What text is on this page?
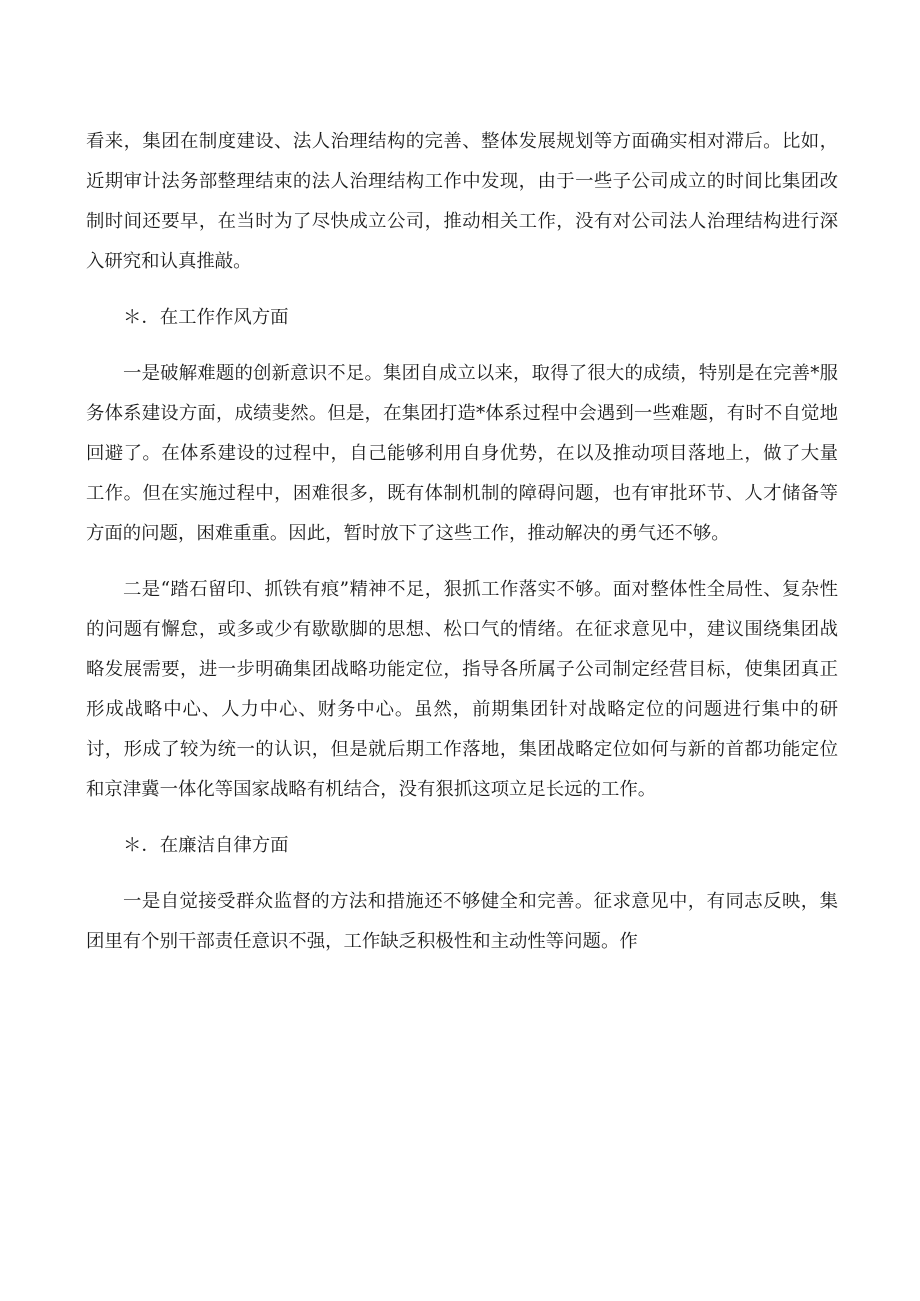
看来，集团在制度建设、法人治理结构的完善、整体发展规划等方面确实相对滞后。比如，近期审计法务部整理结束的法人治理结构工作中发现，由于一些子公司成立的时间比集团改制时间还要早，在当时为了尽快成立公司，推动相关工作，没有对公司法人治理结构进行深入研究和认真推敲。

＊．在工作作风方面

一是破解难题的创新意识不足。集团自成立以来，取得了很大的成绩，特别是在完善*服务体系建设方面，成绩斐然。但是，在集团打造*体系过程中会遇到一些难题，有时不自觉地回避了。在体系建设的过程中，自己能够利用自身优势，在以及推动项目落地上，做了大量工作。但在实施过程中，困难很多，既有体制机制的障碍问题，也有审批环节、人才储备等方面的问题，困难重重。因此，暂时放下了这些工作，推动解决的勇气还不够。

二是“踏石留印、抓铁有痕”精神不足，狠抓工作落实不够。面对整体性全局性、复杂性的问题有懈怠，或多或少有歇歇脚的思想、松口气的情绪。在征求意见中，建议围绕集团战略发展需要，进一步明确集团战略功能定位，指导各所属子公司制定经营目标，使集团真正形成战略中心、人力中心、财务中心。虽然，前期集团针对战略定位的问题进行集中的研讨，形成了较为统一的认识，但是就后期工作落地，集团战略定位如何与新的首都功能定位和京津冀一体化等国家战略有机结合，没有狠抓这项立足长远的工作。

＊．在廉洁自律方面

一是自觉接受群众监督的方法和措施还不够健全和完善。征求意见中，有同志反映，集团里有个别干部责任意识不强，工作缺乏积极性和主动性等问题。作
